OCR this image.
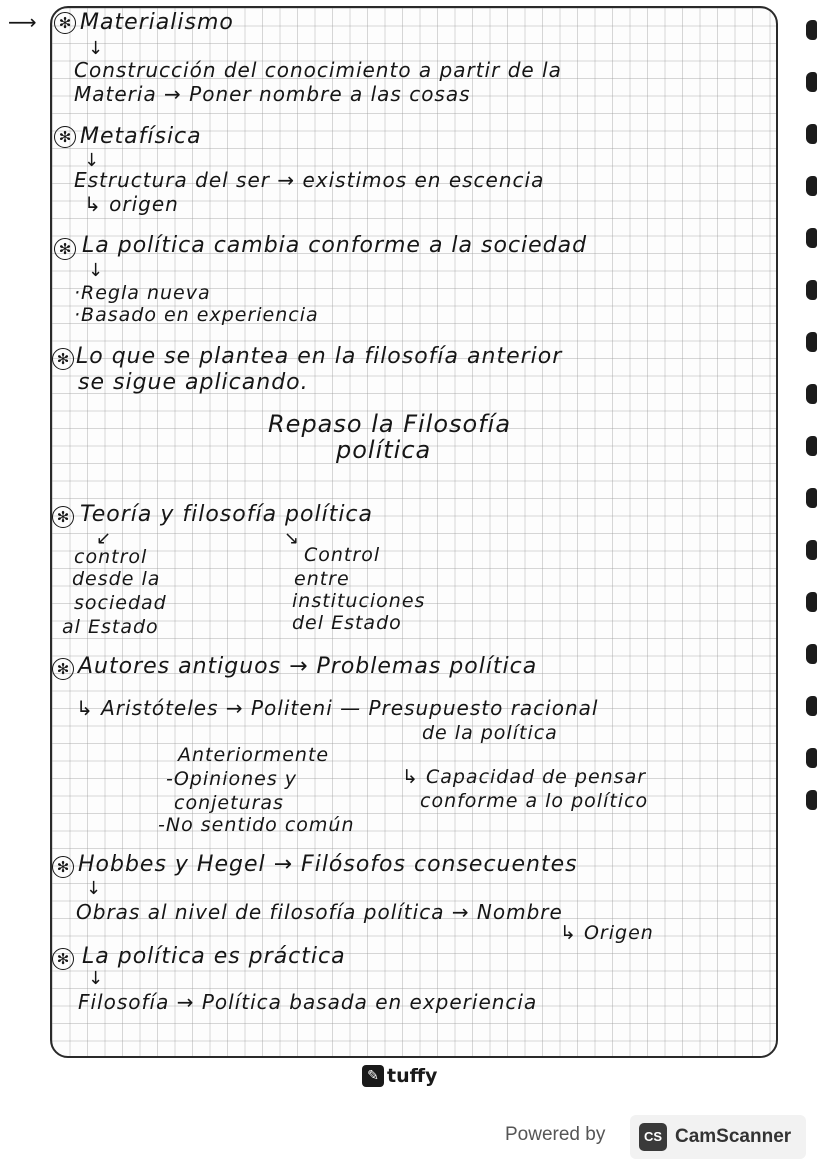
⟶	✻ Materialismo
↓
Construcción del conocimiento a partir de la
Materia → Poner nombre a las cosas
✻ Metafísica
↓
Estructura del ser → existimos en escencia
↳ origen
✻ La política cambia conforme a la sociedad
↓
·Regla nueva
·Basado en experiencia
✻ Lo que se plantea en la filosofía anterior
se sigue aplicando.
Repaso la Filosofía
política
✻ Teoría y filosofía política
↙	↘
control
desde la
sociedad
al Estado
Control
entre
instituciones
del Estado
✻ Autores antiguos → Problemas política
↳ Aristóteles → Politeni — Presupuesto racional
de la política
Anteriormente
-Opiniones y
conjeturas
-No sentido común
↳ Capacidad de pensar
conforme a lo político
✻ Hobbes y Hegel → Filósofos consecuentes
↓
Obras al nivel de filosofía política → Nombre
↳ Origen
✻ La política es práctica
↓
Filosofía → Política basada en experiencia
✎ tuffy
Powered by	CS CamScanner
